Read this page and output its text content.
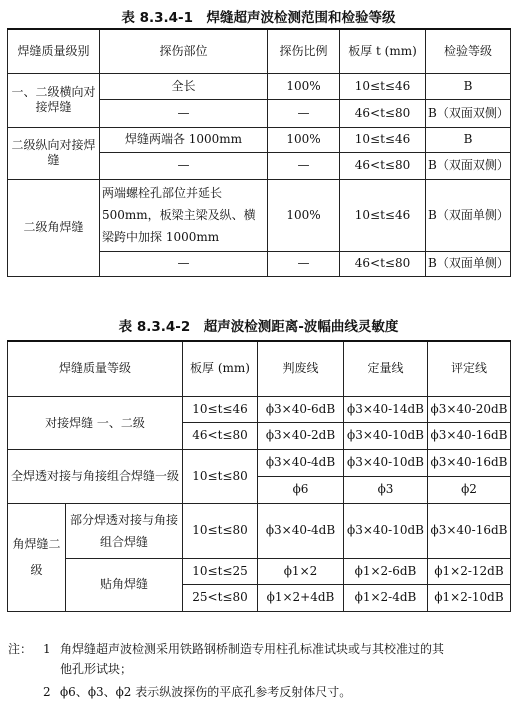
表 8.3.4-1　焊缝超声波检测范围和检验等级
焊缝质量级别	探伤部位	探伤比例	板厚 t (mm)	检验等级
一、二级横向对接焊缝	全长	100%	10≤t≤46	B
	—	—	46<t≤80	B（双面双侧）
二级纵向对接焊缝	焊缝两端各 1000mm	100%	10≤t≤46	B
	—	—	46<t≤80	B（双面双侧）
二级角焊缝	两端螺栓孔部位并延长500mm，板梁主梁及纵、横梁跨中加探 1000mm	100%	10≤t≤46	B（双面单侧）
	—	—	46<t≤80	B（双面单侧）
表 8.3.4-2　超声波检测距离-波幅曲线灵敏度
焊缝质量等级		板厚 (mm)	判废线	定量线	评定线
对接焊缝 一、二级		10≤t≤46	ϕ3×40-6dB	ϕ3×40-14dB	ϕ3×40-20dB
		46<t≤80	ϕ3×40-2dB	ϕ3×40-10dB	ϕ3×40-16dB
全焊透对接与角接组合焊缝一级		10≤t≤80	ϕ3×40-4dB	ϕ3×40-10dB	ϕ3×40-16dB
			ϕ6	ϕ3	ϕ2
角焊缝二级	部分焊透对接与角接组合焊缝	10≤t≤80	ϕ3×40-4dB	ϕ3×40-10dB	ϕ3×40-16dB
	贴角焊缝	10≤t≤25	ϕ1×2	ϕ1×2-6dB	ϕ1×2-12dB
		25<t≤80	ϕ1×2+4dB	ϕ1×2-4dB	ϕ1×2-10dB
注： 1 角焊缝超声波检测采用铁路钢桥制造专用柱孔标准试块或与其校准过的其
他孔形试块；
2 ϕ6、ϕ3、ϕ2 表示纵波探伤的平底孔参考反射体尺寸。
